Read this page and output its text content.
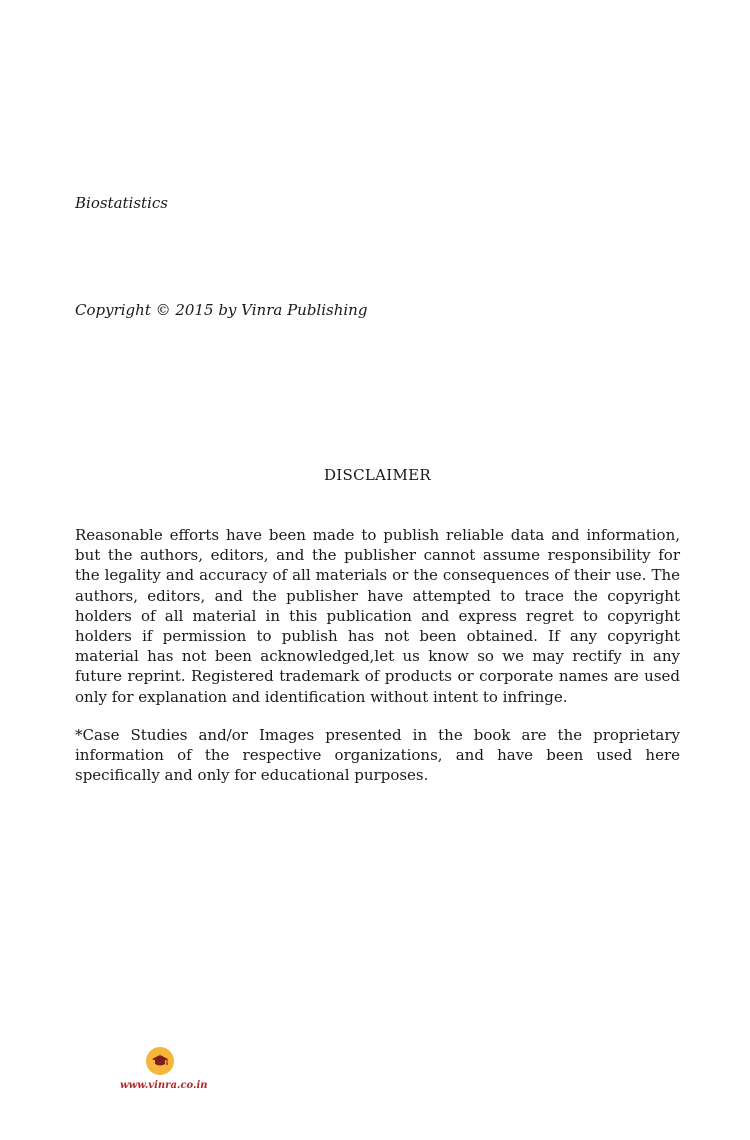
Biostatistics

Copyright © 2015 by Vinra Publishing

DISCLAIMER

Reasonable efforts have been made to publish reliable data and information, but the authors, editors, and the publisher cannot assume responsibility for the legality and accuracy of all materials or the consequences of their use. The authors, editors, and the publisher have attempted to trace the copyright holders of all material in this publication and express regret to copyright holders if permission to publish has not been obtained. If any copyright material has not been acknowledged,let us know so we may rectify in any future reprint. Registered trademark of products or corporate names are used only for explanation and identification without intent to infringe.

*Case Studies and/or Images presented in the book are the proprietary information of the respective organizations, and have been used here specifically and only for educational purposes.

www.vinra.co.in
